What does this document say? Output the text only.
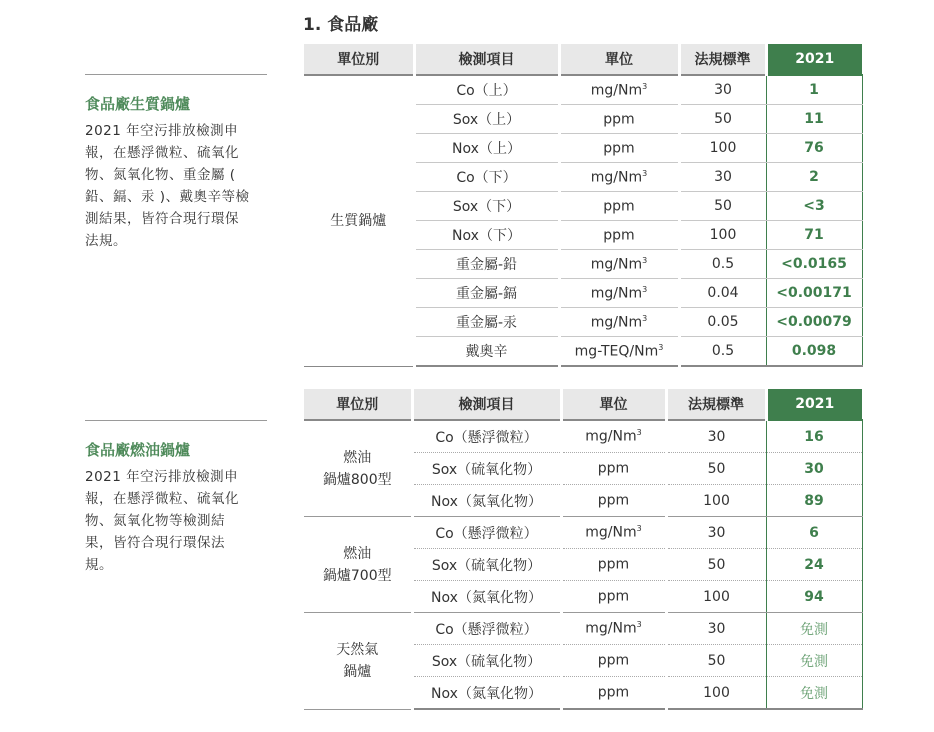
1. 食品廠
食品廠生質鍋爐

2021 年空污排放檢測申報，在懸浮微粒、硫氧化物、氮氧化物、重金屬 ( 鉛、鎘、汞 )、戴奧辛等檢測結果，皆符合現行環保法規。

食品廠燃油鍋爐

2021 年空污排放檢測申報，在懸浮微粒、硫氧化物、氮氧化物等檢測結果，皆符合現行環保法規。

單位別	檢測項目	單位	法規標準	2021
生質鍋爐	Co（上）	mg/Nm$^3$	30	1
	Sox（上）	ppm	50	11
	Nox（上）	ppm	100	76
	Co（下）	mg/Nm$^3$	30	2
	Sox（下）	ppm	50	<3
	Nox（下）	ppm	100	71
	重金屬-鉛	mg/Nm$^3$	0.5	<0.0165
	重金屬-鎘	mg/Nm$^3$	0.04	<0.00171
	重金屬-汞	mg/Nm$^3$	0.05	<0.00079
	戴奧辛	mg-TEQ/Nm$^3$	0.5	0.098
單位別	檢測項目	單位	法規標準	2021

燃油
鍋爐800型	Co（懸浮微粒）	mg/Nm$^3$	30	16
	Sox（硫氧化物）	ppm	50	30
	Nox（氮氧化物）	ppm	100	89

燃油
鍋爐700型	Co（懸浮微粒）	mg/Nm$^3$	30	6
	Sox（硫氧化物）	ppm	50	24
	Nox（氮氧化物）	ppm	100	94

天然氣
鍋爐	Co（懸浮微粒）	mg/Nm$^3$	30	免測
	Sox（硫氧化物）	ppm	50	免測
	Nox（氮氧化物）	ppm	100	免測
